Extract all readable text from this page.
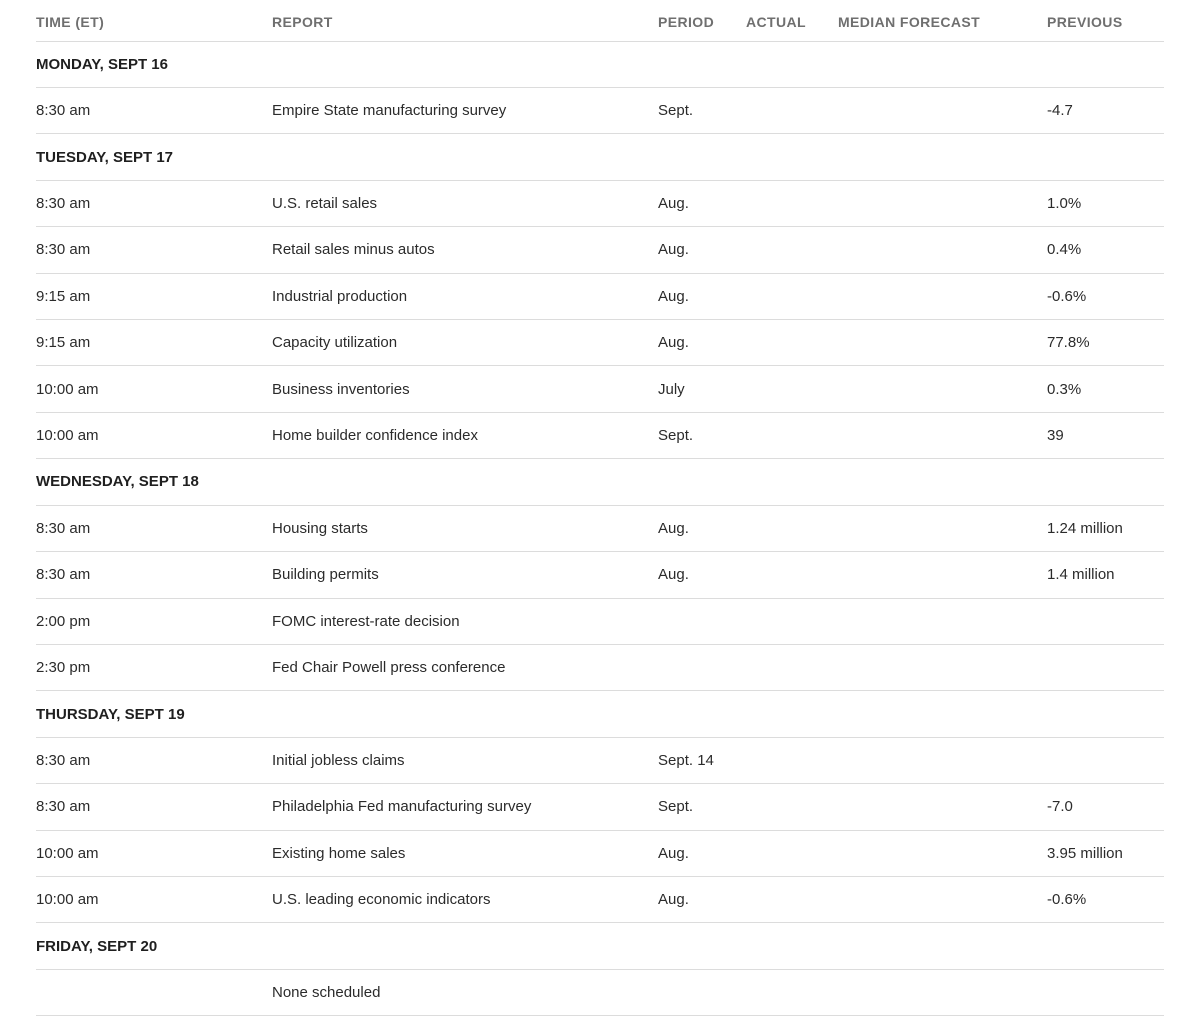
TIME (ET)	REPORT	PERIOD	ACTUAL	MEDIAN FORECAST	PREVIOUS
MONDAY, SEPT 16					
8:30 am	Empire State manufacturing survey	Sept.			-4.7
TUESDAY, SEPT 17					
8:30 am	U.S. retail sales	Aug.			1.0%
8:30 am	Retail sales minus autos	Aug.			0.4%
9:15 am	Industrial production	Aug.			-0.6%
9:15 am	Capacity utilization	Aug.			77.8%
10:00 am	Business inventories	July			0.3%
10:00 am	Home builder confidence index	Sept.			39
WEDNESDAY, SEPT 18					
8:30 am	Housing starts	Aug.			1.24 million
8:30 am	Building permits	Aug.			1.4 million
2:00 pm	FOMC interest-rate decision				
2:30 pm	Fed Chair Powell press conference				
THURSDAY, SEPT 19					
8:30 am	Initial jobless claims	Sept. 14			
8:30 am	Philadelphia Fed manufacturing survey	Sept.			-7.0
10:00 am	Existing home sales	Aug.			3.95 million
10:00 am	U.S. leading economic indicators	Aug.			-0.6%
FRIDAY, SEPT 20					
	None scheduled				
